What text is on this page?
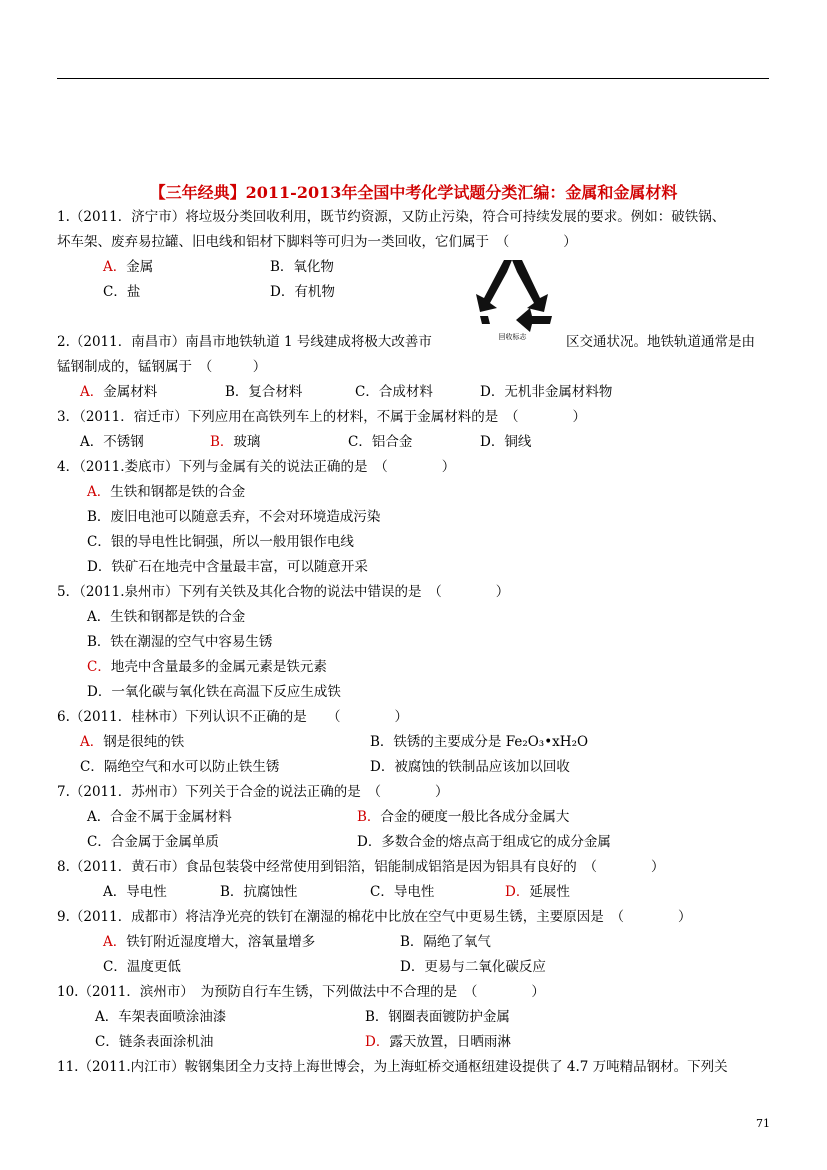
【三年经典】2011-2013年全国中考化学试题分类汇编：金属和金属材料
1.（2011．济宁市）将垃圾分类回收利用，既节约资源，又防止污染，符合可持续发展的要求。例如：破铁锅、
坏车架、废弃易拉罐、旧电线和铝材下脚料等可归为一类回收，它们属于　（　　　　）
A．金属	B．氧化物
C．盐	D．有机物
回收标志
2.（2011．南昌市）南昌市地铁轨道 1 号线建成将极大改善市	区交通状况。地铁轨道通常是由
锰钢制成的，锰钢属于　（　　　）
A．金属材料	B．复合材料	C．合成材料	D．无机非金属材料物
3．（2011．宿迁市）下列应用在高铁列车上的材料，不属于金属材料的是　（　　　　）
A．不锈钢	B．玻璃	C．铝合金	D．铜线
4．（2011.娄底市）下列与金属有关的说法正确的是　（　　　　）
A．生铁和钢都是铁的合金
B．废旧电池可以随意丢弃，不会对环境造成污染
C．银的导电性比铜强，所以一般用银作电线
D．铁矿石在地壳中含量最丰富，可以随意开采
5．（2011.泉州市）下列有关铁及其化合物的说法中错误的是　（　　　　）
A．生铁和钢都是铁的合金
B．铁在潮湿的空气中容易生锈
C．地壳中含量最多的金属元素是铁元素
D．一氧化碳与氧化铁在高温下反应生成铁
6.（2011．桂林市）下列认识不正确的是　　（　　　　）
A．钢是很纯的铁	B．铁锈的主要成分是 Fe₂O₃•xH₂O
C．隔绝空气和水可以防止铁生锈	D．被腐蚀的铁制品应该加以回收
7.（2011．苏州市）下列关于合金的说法正确的是　（　　　　）
A．合金不属于金属材料	B．合金的硬度一般比各成分金属大
C．合金属于金属单质	D．多数合金的熔点高于组成它的成分金属
8.（2011．黄石市）食品包装袋中经常使用到铝箔，铝能制成铝箔是因为铝具有良好的　（　　　　）
A．导电性	B．抗腐蚀性	C．导电性	D．延展性
9.（2011．成都市）将洁净光亮的铁钉在潮湿的棉花中比放在空气中更易生锈，主要原因是　（　　　　）
A．铁钉附近湿度增大，溶氧量增多	B．隔绝了氧气
C．温度更低	D．更易与二氧化碳反应
10.（2011．滨州市）　为预防自行车生锈，下列做法中不合理的是　（　　　　）
A．车架表面喷涂油漆	B．钢圈表面镀防护金属
C．链条表面涂机油	D．露天放置，日晒雨淋
11.（2011.内江市）鞍钢集团全力支持上海世博会，为上海虹桥交通枢纽建设提供了 4.7 万吨精品钢材。下列关
71
